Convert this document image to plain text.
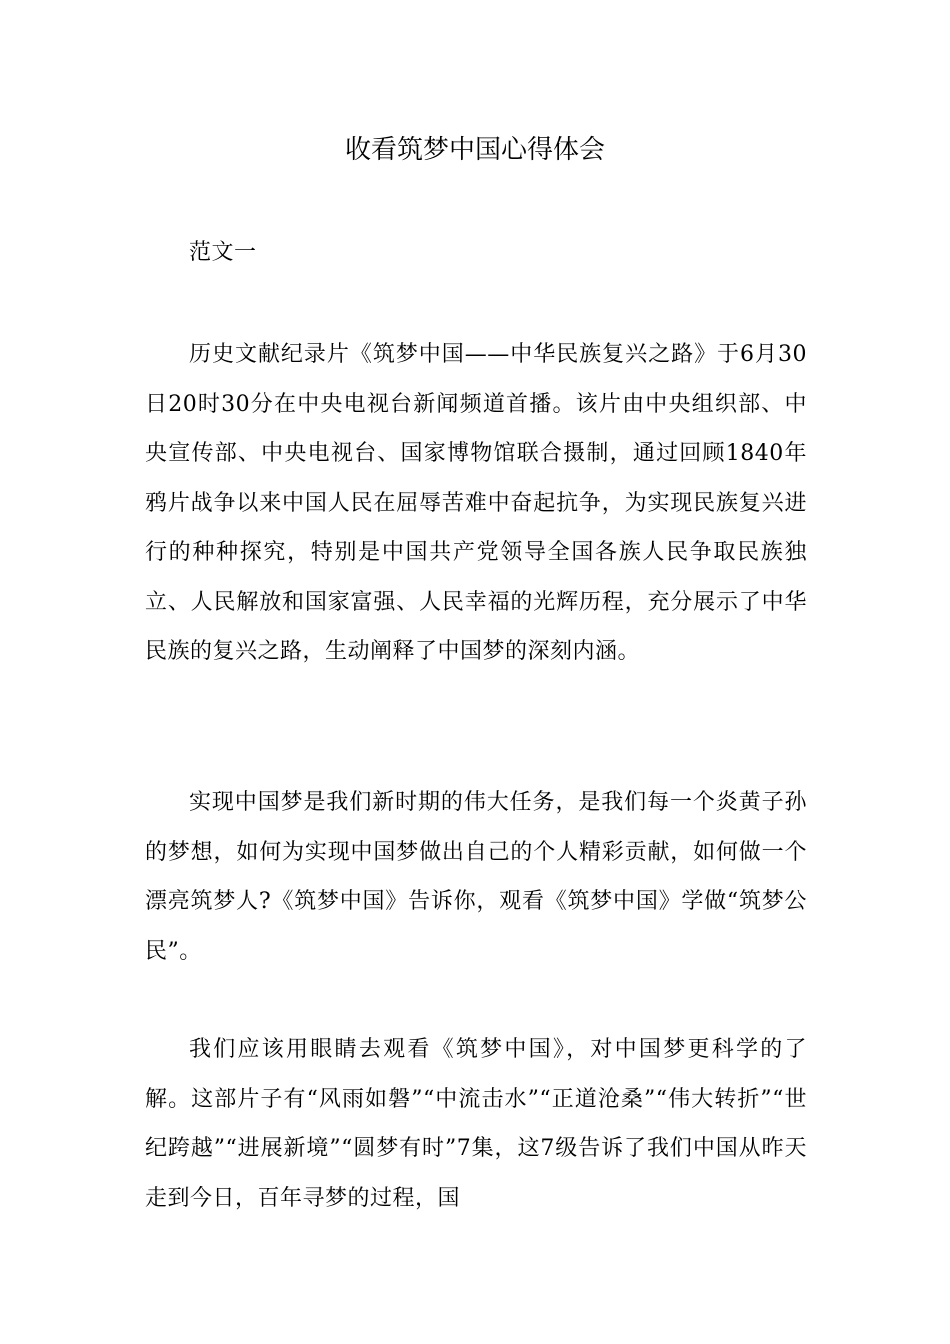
收看筑梦中国心得体会

范文一

历史文献纪录片《筑梦中国——中华民族复兴之路》于6月30日20时30分在中央电视台新闻频道首播。该片由中央组织部、中央宣传部、中央电视台、国家博物馆联合摄制，通过回顾1840年鸦片战争以来中国人民在屈辱苦难中奋起抗争，为实现民族复兴进行的种种探究，特别是中国共产党领导全国各族人民争取民族独立、人民解放和国家富强、人民幸福的光辉历程，充分展示了中华民族的复兴之路，生动阐释了中国梦的深刻内涵。

实现中国梦是我们新时期的伟大任务，是我们每一个炎黄子孙的梦想，如何为实现中国梦做出自己的个人精彩贡献，如何做一个漂亮筑梦人?《筑梦中国》告诉你，观看《筑梦中国》学做“筑梦公民”。

我们应该用眼睛去观看《筑梦中国》，对中国梦更科学的了解。这部片子有“风雨如磐”“中流击水”“正道沧桑”“伟大转折”“世纪跨越”“进展新境”“圆梦有时”7集，这7级告诉了我们中国从昨天走到今日，百年寻梦的过程，国
